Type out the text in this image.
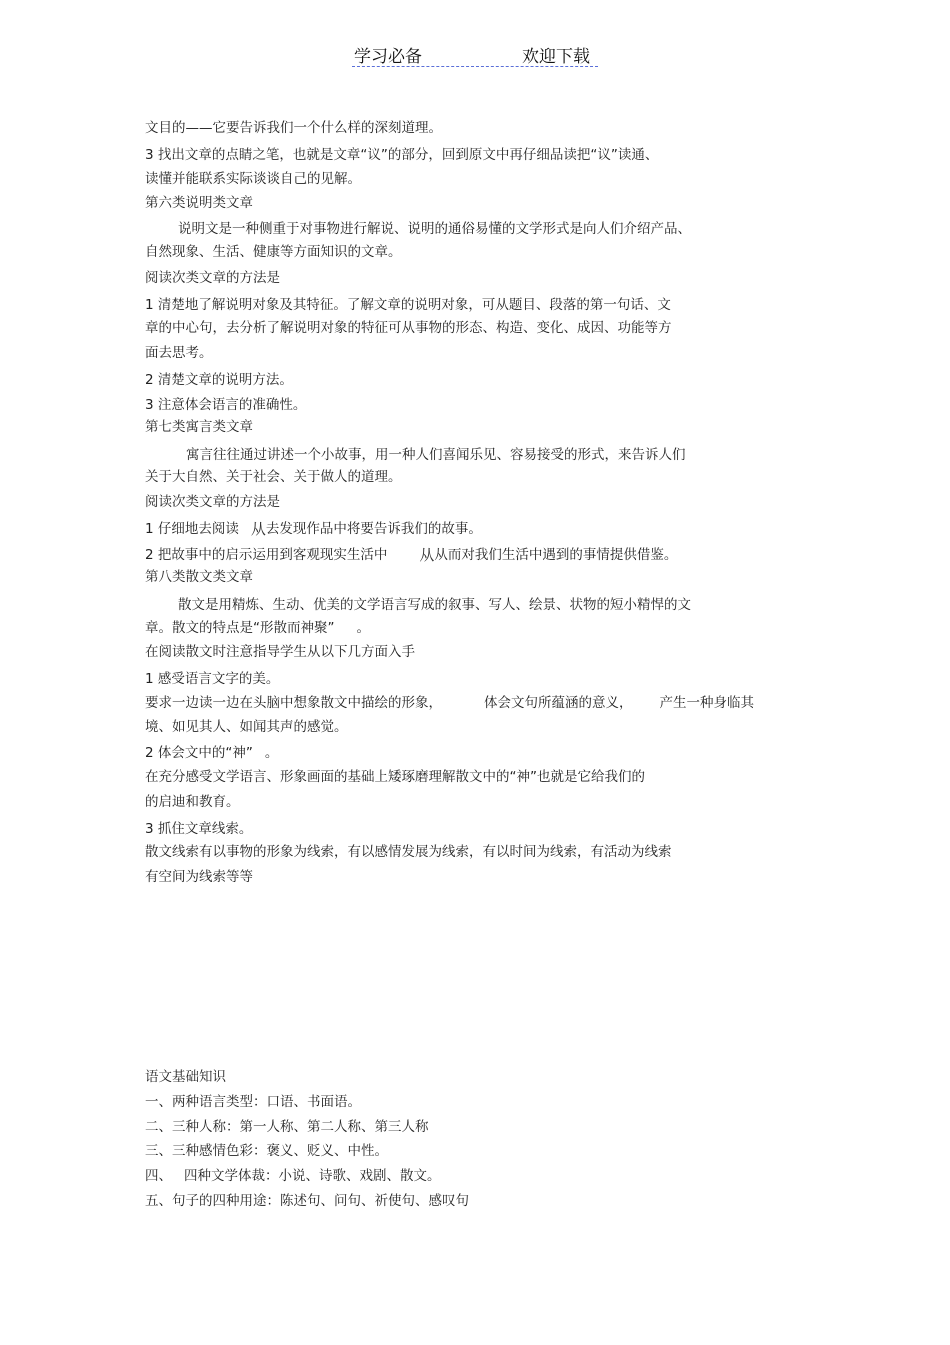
学习必备	欢迎下载
文目的——它要告诉我们一个什么样的深刻道理。
3 找出文章的点睛之笔，也就是文章“议”的部分，回到原文中再仔细品读把“议”读通、
读懂并能联系实际谈谈自己的见解。
第六类说明类文章
说明文是一种侧重于对事物进行解说、说明的通俗易懂的文学形式是向人们介绍产品、
自然现象、生活、健康等方面知识的文章。
阅读次类文章的方法是
1 清楚地了解说明对象及其特征。了解文章的说明对象，可从题目、段落的第一句话、文
章的中心句，去分析了解说明对象的特征可从事物的形态、构造、变化、成因、功能等方
面去思考。
2 清楚文章的说明方法。
3 注意体会语言的准确性。
第七类寓言类文章
寓言往往通过讲述一个小故事，用一种人们喜闻乐见、容易接受的形式，来告诉人们
关于大自然、关于社会、关于做人的道理。
阅读次类文章的方法是
1 仔细地去阅读 从去发现作品中将要告诉我们的故事。
2 把故事中的启示运用到客观现实生活中 从从而对我们生活中遇到的事情提供借鉴。
第八类散文类文章
散文是用精炼、生动、优美的文学语言写成的叙事、写人、绘景、状物的短小精悍的文
章。散文的特点是“形散而神聚” 。
在阅读散文时注意指导学生从以下几方面入手
1 感受语言文字的美。
要求一边读一边在头脑中想象散文中描绘的形象，	体会文句所蕴涵的意义， 产生一种身临其
境、如见其人、如闻其声的感觉。
2 体会文中的“神” 。
在充分感受文学语言、形象画面的基础上矮琢磨理解散文中的“神”也就是它给我们的
的启迪和教育。
3 抓住文章线索。
散文线索有以事物的形象为线索，有以感情发展为线索，有以时间为线索，有活动为线索
有空间为线索等等
语文基础知识
一、两种语言类型：口语、书面语。
二、三种人称：第一人称、第二人称、第三人称
三、三种感情色彩：褒义、贬义、中性。
四、 四种文学体裁：小说、诗歌、戏剧、散文。
五、句子的四种用途：陈述句、问句、祈使句、感叹句
